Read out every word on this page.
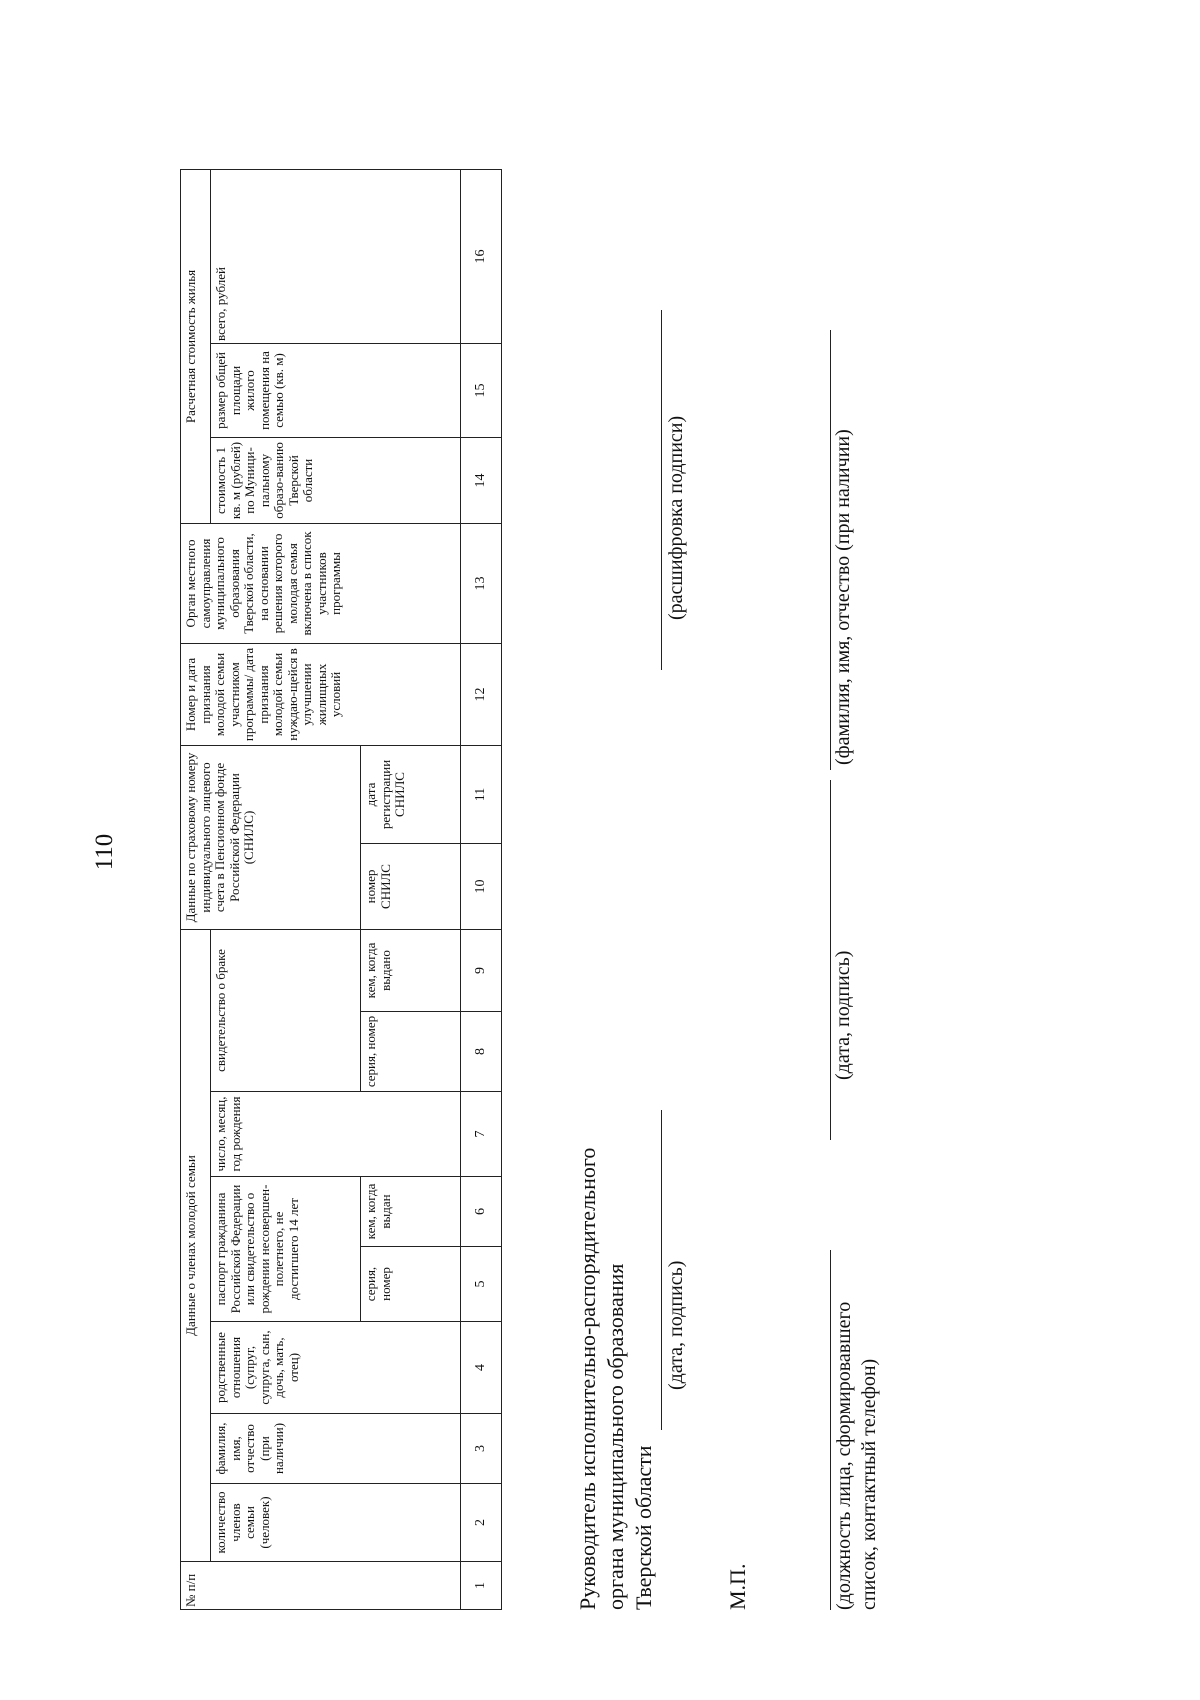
110
№ п/п	Данные о членах молодой семьи								Данные по страховому номеру индивидуального лицевого счета в Пенсионном фонде Российской Федерации (СНИЛС)		Номер и дата признания молодой семьи участником программы/ дата признания молодой семьи нуждаю-щейся в улучшении жилищных условий	Орган местного самоуправления муниципального образования Тверской области, на основании решения которого молодая семья включена в список участников программы	Расчетная стоимость жилья		
	количество членов семьи (человек)	фамилия, имя, отчество (при наличии)	родственные отношения (супруг, супруга, сын, дочь, мать, отец)	паспорт гражданина Российской Федерации или свидетельство о рождении несовершен-полетнего, не достигшего 14 лет		число, месяц, год рождения	свидетельство о браке						стоимость 1 кв. м (рублей) по Муници-пальному образо-ванию Тверской области	размер общей площади жилого помещения на семью (кв. м)	всего, рублей
				серия, номер	кем, когда выдан		серия, номер	кем, когда выдано	номер СНИЛС	дата регистрации СНИЛС					
1	2	3	4	5	6	7	8	9	10	11	12	13	14	15	16
Руководитель исполнительно-распорядительного органа муниципального образования Тверской области
(дата, подпись)
(расшифровка подписи)
М.П.	(должность лица, сформировавшего список, контактный телефон)
(дата, подпись)
(фамилия, имя, отчество (при наличии)
